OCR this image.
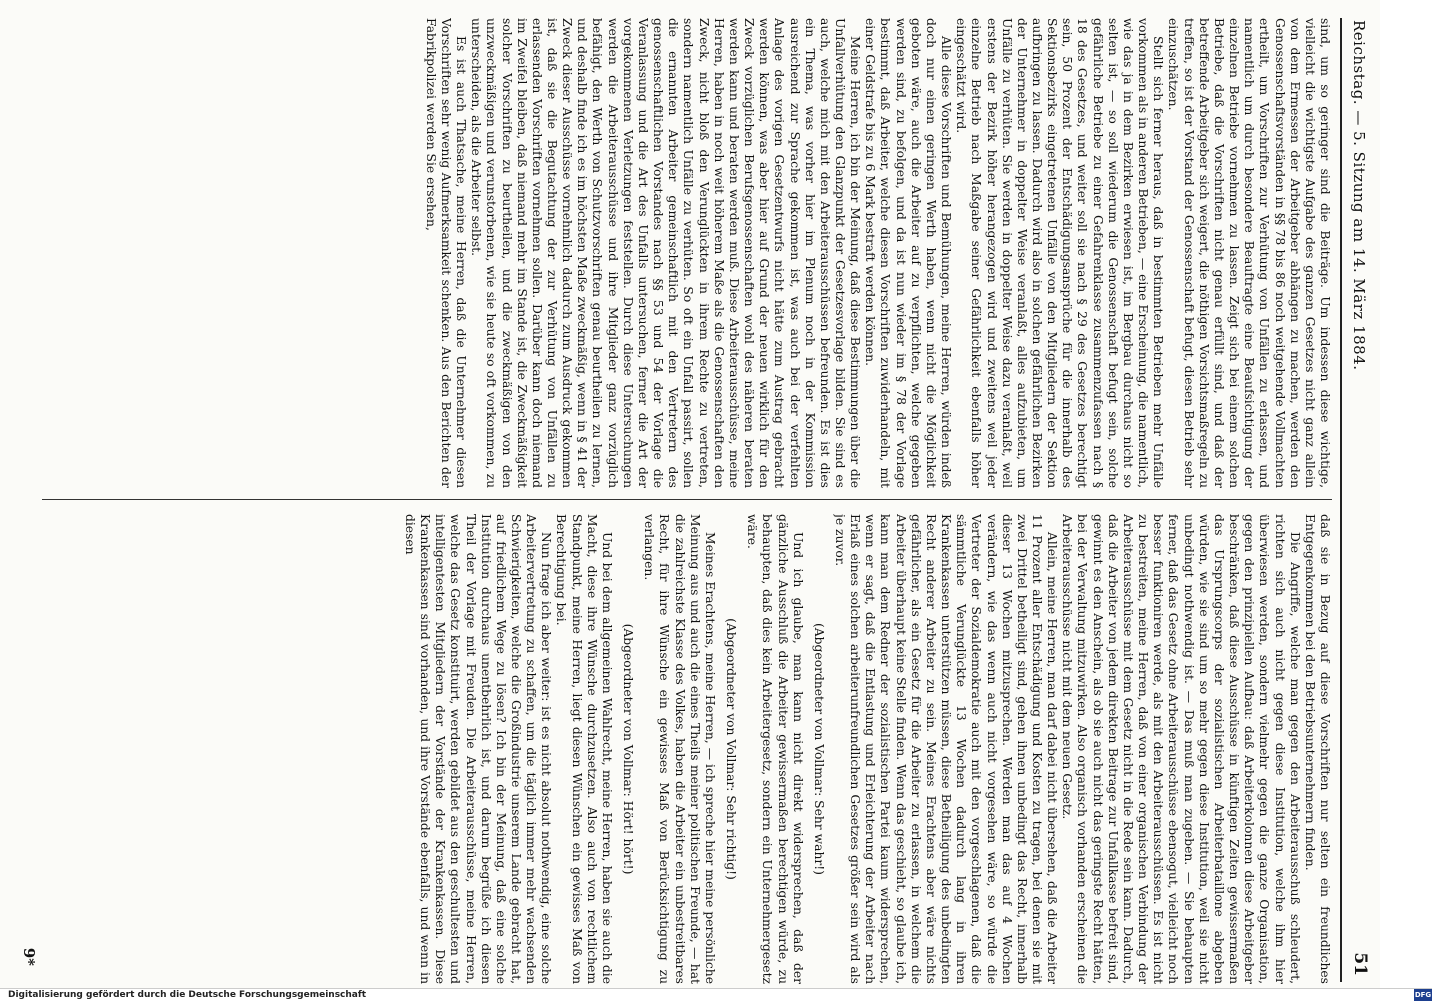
Reichstag. — 5. Sitzung am 14. März 1884.
51

sind, um so geringer sind die Beiträge. Um indessen diese wichtige, vielleicht die wichtigste Aufgabe des ganzen Gesetzes nicht ganz allein von dem Ermessen der Arbeitgeber abhängen zu machen, werden den Genossenschaftsvorständen in §§ 78 bis 86 noch weitgehende Vollmachten ertheilt, um Vorschriften zur Verhütung von Unfällen zu erlassen, und namentlich um durch besondere Beauftragte eine Beaufsichtigung der einzelnen Betriebe vornehmen zu lassen. Zeigt sich bei einem solchen Betriebe, daß die Vorschriften nicht genau erfüllt sind, und daß der betreffende Arbeitgeber sich weigert, die nöthigen Vorsichtsmaßregeln zu treffen, so ist der Vorstand der Genossenschaft befugt, diesen Betrieb sehr einzuschätzen.

Stellt sich ferner heraus, daß in bestimmten Betrieben mehr Unfälle vorkommen als in anderen Betrieben, — eine Erscheinung, die namentlich, wie das ja in dem Bezirken erwiesen ist, im Bergbau durchaus nicht so selten ist, — so soll wiederum die Genossenschaft befugt sein, solche gefährliche Betriebe zu einer Gefahrenklasse zusammenzufassen nach § 18 des Gesetzes, und weiter soll sie nach § 29 des Gesetzes berechtigt sein, 50 Prozent der Entschädigungsansprüche für die innerhalb des Sektionsbezirks eingetretenen Unfälle von den Mitgliedern der Sektion aufbringen zu lassen. Dadurch wird also in solchen gefährlichen Bezirken der Unternehmer in doppelter Weise veranlaßt, alles aufzubieten, um Unfälle zu verhüten. Sie werden in doppelter Weise dazu veranlaßt, weil erstens der Bezirk höher herangezogen wird und zweitens weil jeder einzelne Betrieb nach Maßgabe seiner Gefährlichkeit ebenfalls höher eingeschätzt wird.

Alle diese Vorschriften und Bemühungen, meine Herren, würden indeß doch nur einen geringen Werth haben, wenn nicht die Möglichkeit geboten wäre, auch die Arbeiter auf zu verpflichten, welche gegeben werden sind, zu befolgen, und da ist nun wieder im § 78 der Vorlage bestimmt, daß Arbeiter, welche diesen Vorschriften zuwiderhandeln, mit einer Geldstrafe bis zu 6 Mark bestraft werden können.

Meine Herren, ich bin der Meinung, daß diese Bestimmungen über die Unfallverhütung den Glanzpunkt der Gesetzesvorlage bilden. Sie sind es auch, welche mich mit den Arbeiterausschüssen befreunden. Es ist dies ein Thema, was vorher hier im Plenum noch in der Kommission ausreichend zur Sprache gekommen ist, was auch bei der verfehlten Anlage des vorigen Gesetzentwurfs nicht hätte zum Austrag gebracht werden können, was aber hier auf Grund der neuen wirklich für den Zweck vorzüglichen Berufsgenossenschaften wohl des näheren beraten werden kann und beraten werden muß. Diese Arbeiterausschüsse, meine Herren, haben in noch weit höherem Maße als die Genossenschaften den Zweck, nicht bloß den Verunglückten in ihrem Rechte zu vertreten, sondern namentlich Unfälle zu verhüten. So oft ein Unfall passirt, sollen die ernannten Arbeiter gemeinschaftlich mit den Vertretern des genossenschaftlichen Vorstandes nach §§ 53 und 54 der Vorlage die Veranlassung und die Art des Unfalls untersuchen, ferner die Art der vorgekommenen Verletzungen feststellen. Durch diese Untersuchungen werden die Arbeiterausschüsse und ihre Mitglieder ganz vorzüglich befähigt, den Werth von Schutzvorschriften genau beurtheilen zu lernen, und deshalb finde ich es im höchsten Maße zweckmäßig, wenn in § 41 der Zweck dieser Ausschüsse vornehmlich dadurch zum Ausdruck gekommen ist, daß sie die Begutachtung der zur Verhütung von Unfällen zu erlassenden Vorschriften vornehmen sollen. Darüber kann doch niemand im Zweifel bleiben, daß niemand mehr im Stande ist, die Zweckmäßigkeit solcher Vorschriften zu beurtheilen, und die zweckmäßigen von den unzweckmäßigen und verunstorbenen, wie sie heute so oft vorkommen, zu unterscheiden, als die Arbeiter selbst.

Es ist auch Thatsache, meine Herren, daß die Unternehmer diesen Vorschriften sehr wenig Aufmerksamkeit schenken. Aus den Berichten der Fabrikpolizei werden Sie ersehen,

daß sie in Bezug auf diese Vorschriften nur selten ein freundliches Entgegenkommen bei den Betriebsunternehmern finden.

Die Angriffe, welche man gegen den Arbeiterausschuß schleudert, richten sich auch nicht gegen diese Institution, welche ihm hier überwiesen werden, sondern vielmehr gegen die ganze Organisation, gegen den prinzipiellen Aufbau: daß Arbeiterkolonnen diese Arbeitgeber beschränken, daß diese Ausschüsse in künftigen Zeiten gewissermaßen das Ursprungscorps der sozialistischen Arbeiterbataillone abgeben würden, wie sie sind um so mehr gegen diese Institution, weil sie nicht unbedingt nothwendig ist. — Das muß man zugeben. — Sie behaupten ferner, daß das Gesetz ohne Arbeiterausschüsse ebensogut, vielleicht noch besser funktioniren werde, als mit den Arbeiterausschüssen. Es ist nicht zu bestreiten, meine Herren, daß von einer organischen Verbindung der Arbeiterausschüsse mit dem Gesetz nicht in die Rede sein kann. Dadurch, daß die Arbeiter von jedem direkten Beitrage zur Unfallkasse befreit sind, gewinnt es den Anschein, als ob sie auch nicht das geringste Recht hätten, bei der Verwaltung mitzuwirken. Also organisch vorhanden erscheinen die Arbeiterausschüsse nicht mit dem neuen Gesetz.

Allein, meine Herren, man darf dabei nicht übersehen, daß die Arbeiter 11 Prozent aller Entschädigung und Kosten zu tragen, bei denen sie mit zwei Drittel betheiligt sind, gehen ihnen unbedingt das Recht, innerhalb dieser 13 Wochen mitzusprechen. Werden man das auf 4 Wochen verändern, wie das wenn auch nicht vorgesehen wäre, so würde die Vertreter der Sozialdemokratie auch mit den vorgeschlagenen, daß die sämmtliche Verunglückte 13 Wochen dadurch lang in ihren Krankenkassen unterstützen müssen, diese Betheiligung des unbedingten Recht anderer Arbeiter zu sein. Meines Erachtens aber wäre nichts gefährlicher, als ein Gesetz für die Arbeiter zu erlassen, in welchem die Arbeiter überhaupt keine Stelle finden. Wenn das geschieht, so glaube ich, kann man dem Redner der sozialistischen Partei kaum widersprechen, wenn er sagt, daß die Entlastung und Erleichterung der Arbeiter nach Erlaß eines solchen arbeiterunfreundlichen Gesetzes größer sein wird als je zuvor.

(Abgeordneter von Vollmar: Sehr wahr!)

Und ich glaube, man kann nicht direkt widersprechen, daß der gänzliche Ausschluß die Arbeiter gewissermaßen berechtigen würde, zu behaupten, daß dies kein Arbeitergesetz, sondern ein Unternehmergesetz wäre.

(Abgeordneter von Vollmar: Sehr richtig!)

Meines Erachtens, meine Herren, — ich spreche hier meine persönliche Meinung aus und auch die eines Theils meiner politischen Freunde, — hat die zahlreichste Klasse des Volkes, haben die Arbeiter ein unbestreitbares Recht, für ihre Wünsche ein gewisses Maß von Berücksichtigung zu verlangen.

(Abgeordneter von Vollmar: Hört! hört!)

Und bei dem allgemeinen Wahlrecht, meine Herren, haben sie auch die Macht, diese ihre Wünsche durchzusetzen. Also auch von rechtlichem Standpunkt, meine Herren, liegt diesen Wünschen ein gewisses Maß von Berechtigung bei.

Nun frage ich aber weiter: ist es nicht absolut nothwendig, eine solche Arbeitervertretung zu schaffen, um die täglich immer mehr wachsenden Schwierigkeiten, welche die Großindustrie unserem Lande gebracht hat, auf friedlichem Wege zu lösen? Ich bin der Meinung, daß eine solche Institution durchaus unentbehrlich ist, und darum begrüße ich diesen Theil der Vorlage mit Freuden. Die Arbeiterausschüsse, meine Herren, welche das Gesetz konstituirt, werden gebildet aus den geschultesten und intelligentesten Mitgliedern der Vorstände der Krankenkassen. Diese Krankenkassen sind vorhanden, und ihre Vorstände ebenfalls, und wenn in diesen

9*
Digitalisierung gefördert durch die Deutsche Forschungsgemeinschaft	DFG
